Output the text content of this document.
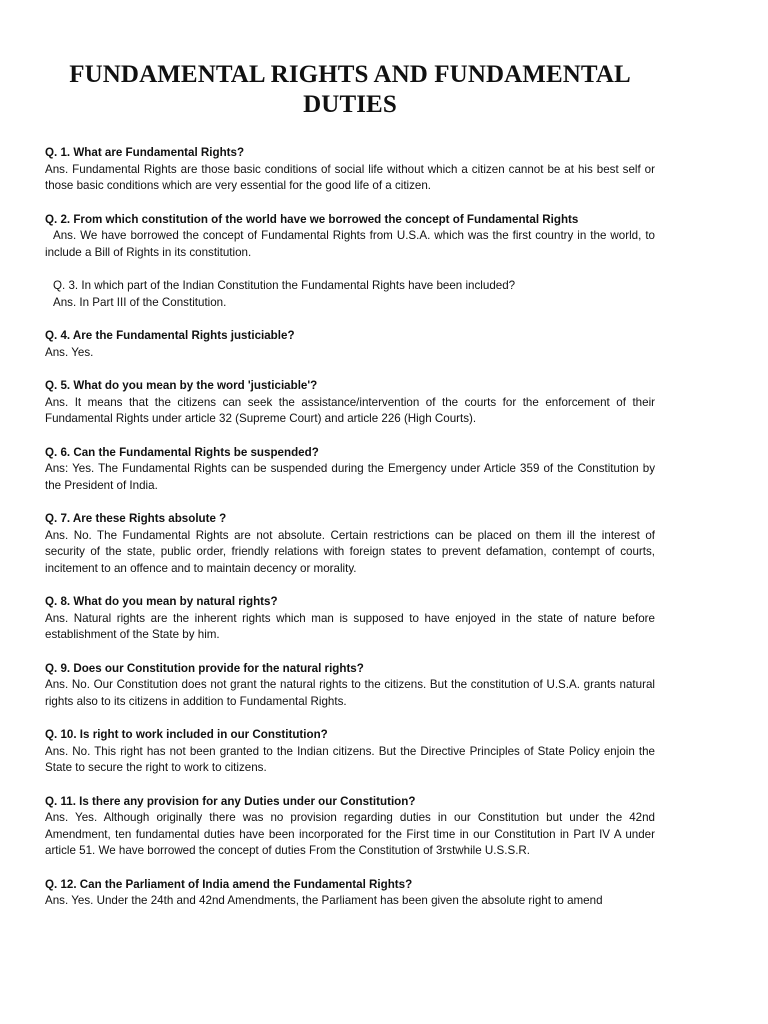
FUNDAMENTAL RIGHTS AND FUNDAMENTAL
DUTIES

Q. 1. What are Fundamental Rights?

Ans. Fundamental Rights are those basic conditions of social life without which a citizen cannot be at his best self or those basic conditions which are very essential for the good life of a citizen.

Q. 2. From which constitution of the world have we borrowed the concept of Fundamental Rights

Ans. We have borrowed the concept of Fundamental Rights from U.S.A. which was the first country in the world, to include a Bill of Rights in its constitution.

Q. 3. In which part of the Indian Constitution the Fundamental Rights have been included?

Ans. In Part III of the Constitution.

Q. 4. Are the Fundamental Rights justiciable?

Ans. Yes.

Q. 5. What do you mean by the word 'justiciable'?

Ans. It means that the citizens can seek the assistance/intervention of the courts for the enforcement of their Fundamental Rights under article 32 (Supreme Court) and article 226 (High Courts).

Q. 6. Can the Fundamental Rights be suspended?

Ans: Yes. The Fundamental Rights can be suspended during the Emergency under Article 359 of the Constitution by the President of India.

Q. 7. Are these Rights absolute ?

Ans. No. The Fundamental Rights are not absolute. Certain restrictions can be placed on them ill the interest of security of the state, public order, friendly relations with foreign states to prevent defamation, contempt of courts, incitement to an offence and to maintain decency or morality.

Q. 8. What do you mean by natural rights?

Ans. Natural rights are the inherent rights which man is supposed to have enjoyed in the state of nature before establishment of the State by him.

Q. 9. Does our Constitution provide for the natural rights?

Ans. No. Our Constitution does not grant the natural rights to the citizens. But the constitution of U.S.A. grants natural rights also to its citizens in addition to Fundamental Rights.

Q. 10. Is right to work included in our Constitution?

Ans. No. This right has not been granted to the Indian citizens. But the Directive Principles of State Policy enjoin the State to secure the right to work to citizens.

Q. 11. Is there any provision for any Duties under our Constitution?

Ans. Yes. Although originally there was no provision regarding duties in our Constitution but under the 42nd Amendment, ten fundamental duties have been incorporated for the First time in our Constitution in Part IV A under article 51. We have borrowed the concept of duties From the Constitution of 3rstwhile U.S.S.R.

Q. 12. Can the Parliament of India amend the Fundamental Rights?

Ans. Yes. Under the 24th and 42nd Amendments, the Parliament has been given the absolute right to amend
